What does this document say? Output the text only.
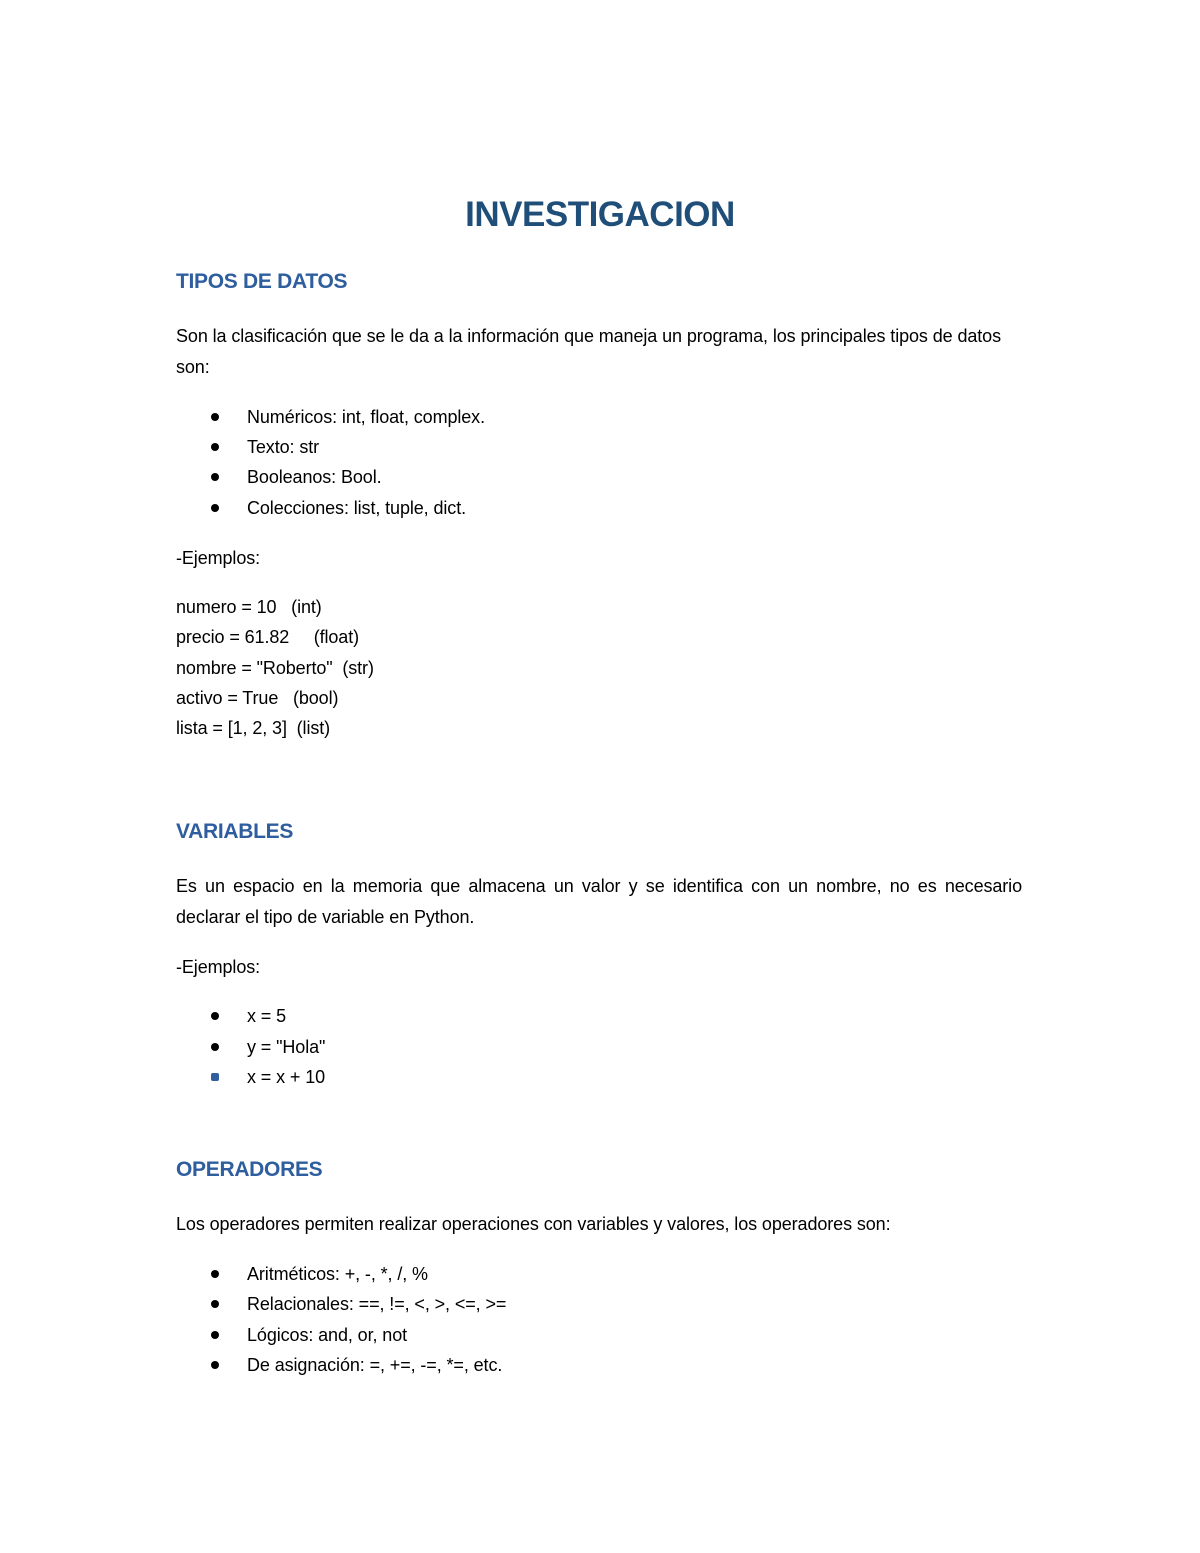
INVESTIGACION
TIPOS DE DATOS
Son la clasificación que se le da a la información que maneja un programa, los principales tipos de datos son:
Numéricos: int, float, complex.
Texto: str
Booleanos: Bool.
Colecciones: list, tuple, dict.
-Ejemplos:
numero = 10   (int)
precio = 61.82     (float)
nombre = "Roberto"  (str)
activo = True   (bool)
lista = [1, 2, 3]  (list)
VARIABLES
Es un espacio en la memoria que almacena un valor y se identifica con un nombre, no es necesario declarar el tipo de variable en Python.
-Ejemplos:
x = 5
y = "Hola"
x = x + 10
OPERADORES
Los operadores permiten realizar operaciones con variables y valores, los operadores son:
Aritméticos: +, -, *, /, %
Relacionales: ==, !=, <, >, <=, >=
Lógicos: and, or, not
De asignación: =, +=, -=, *=, etc.
